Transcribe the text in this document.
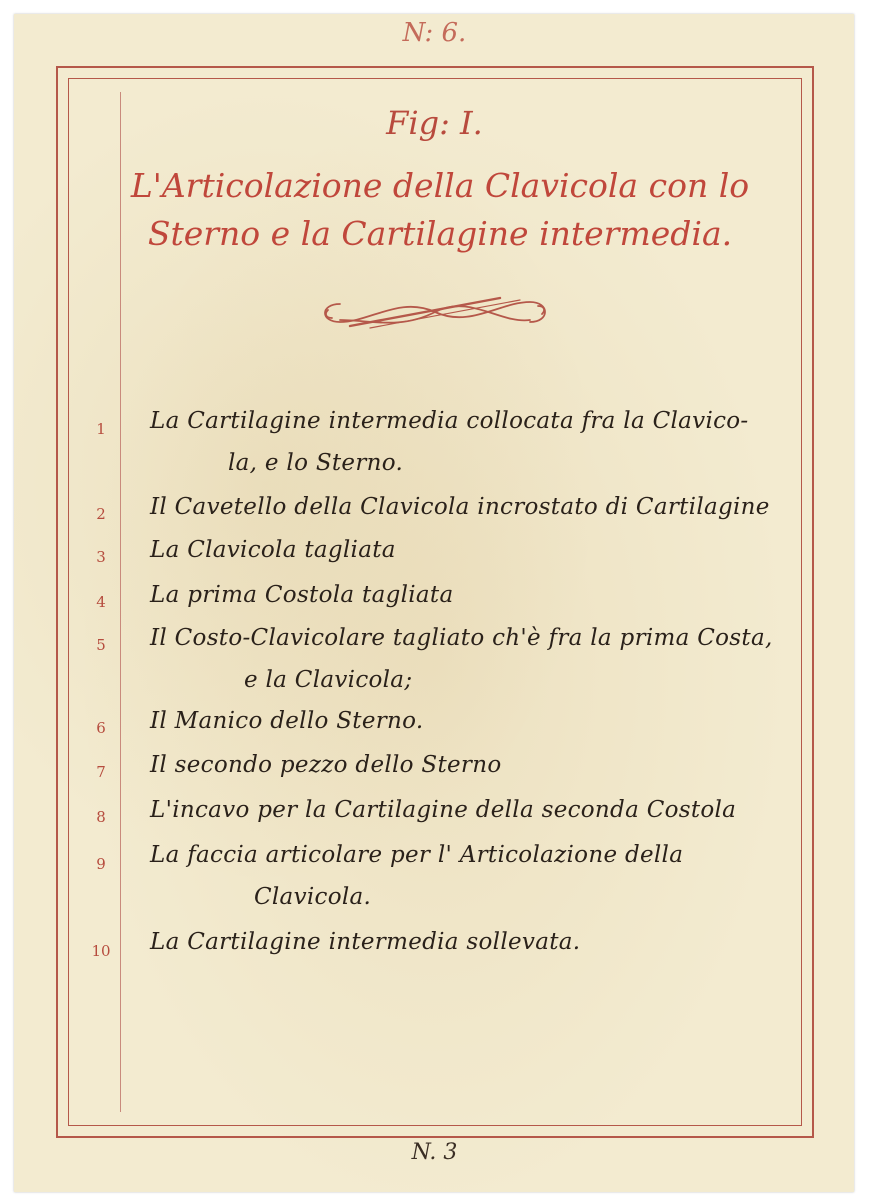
N: 6.
Fig: I.
L'Articolazione della Clavicola con lo
Sterno e la Cartilagine intermedia.
1	La Cartilagine intermedia collocata fra la Clavico-
la, e lo Sterno.
2	Il Cavetello della Clavicola incrostato di Cartilagine
3	La Clavicola tagliata
4	La prima Costola tagliata
5	Il Costo-Clavicolare tagliato ch'è fra la prima Costa,
e la Clavicola;
6	Il Manico dello Sterno.
7	Il secondo pezzo dello Sterno
8	L'incavo per la Cartilagine della seconda Costola
9	La faccia articolare per l' Articolazione della
Clavicola.
10 La Cartilagine intermedia sollevata.
N. 3
